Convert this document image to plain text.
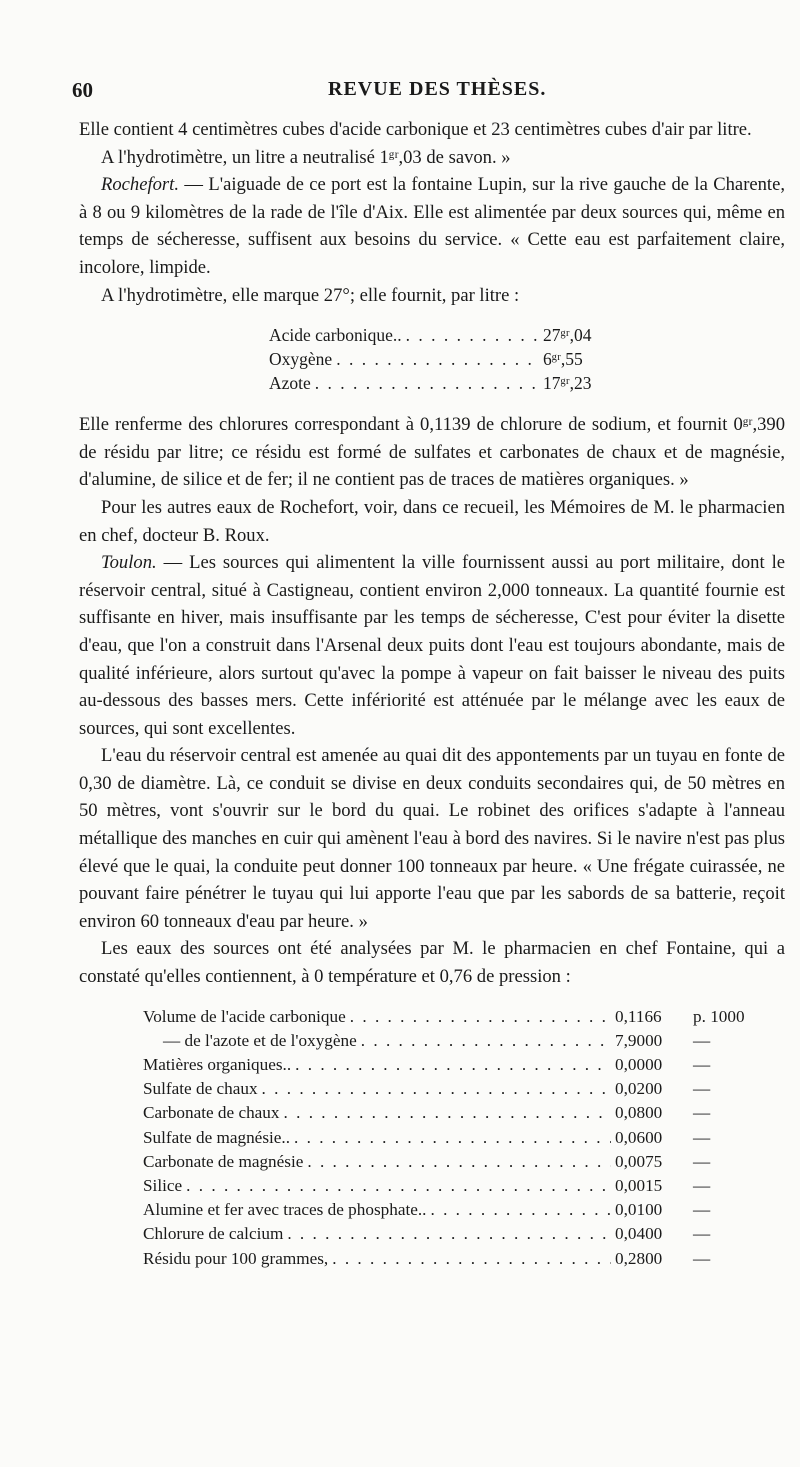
60	REVUE DES THÈSES.

Elle contient 4 centimètres cubes d'acide carbonique et 23 centimètres cubes d'air par litre.

A l'hydrotimètre, un litre a neutralisé 1ᵍʳ,03 de savon. »

Rochefort. — L'aiguade de ce port est la fontaine Lupin, sur la rive gauche de la Charente, à 8 ou 9 kilomètres de la rade de l'île d'Aix. Elle est alimentée par deux sources qui, même en temps de sécheresse, suffisent aux besoins du service. « Cette eau est parfaitement claire, incolore, limpide.

A l'hydrotimètre, elle marque 27°; elle fournit, par litre :

Acide carbonique.. . . .	27ᵍʳ,04
Oxygène . . .	6ᵍʳ,55
Azote . . .	17ᵍʳ,23

Elle renferme des chlorures correspondant à 0,1139 de chlorure de sodium, et fournit 0ᵍʳ,390 de résidu par litre; ce résidu est formé de sulfates et carbonates de chaux et de magnésie, d'alumine, de silice et de fer; il ne contient pas de traces de matières organiques. »

Pour les autres eaux de Rochefort, voir, dans ce recueil, les Mémoires de M. le pharmacien en chef, docteur B. Roux.

Toulon. — Les sources qui alimentent la ville fournissent aussi au port militaire, dont le réservoir central, situé à Castigneau, contient environ 2,000 tonneaux. La quantité fournie est suffisante en hiver, mais insuffisante par les temps de sécheresse, C'est pour éviter la disette d'eau, que l'on a construit dans l'Arsenal deux puits dont l'eau est toujours abondante, mais de qualité inférieure, alors surtout qu'avec la pompe à vapeur on fait baisser le niveau des puits au-dessous des basses mers. Cette infériorité est atténuée par le mélange avec les eaux de sources, qui sont excellentes.

L'eau du réservoir central est amenée au quai dit des appontements par un tuyau en fonte de 0,30 de diamètre. Là, ce conduit se divise en deux conduits secondaires qui, de 50 mètres en 50 mètres, vont s'ouvrir sur le bord du quai. Le robinet des orifices s'adapte à l'anneau métallique des manches en cuir qui amènent l'eau à bord des navires. Si le navire n'est pas plus élevé que le quai, la conduite peut donner 100 tonneaux par heure. « Une frégate cuirassée, ne pouvant faire pénétrer le tuyau qui lui apporte l'eau que par les sabords de sa batterie, reçoit environ 60 tonneaux d'eau par heure. »

Les eaux des sources ont été analysées par M. le pharmacien en chef Fontaine, qui a constaté qu'elles contiennent, à 0 température et 0,76 de pression :

Volume de l'acide carbonique . . .	0,1166	p. 1000
— de l'azote et de l'oxygène . . .	7,9000	—
Matières organiques.. . . .	0,0000	—
Sulfate de chaux . . .	0,0200	—
Carbonate de chaux . . .	0,0800	—
Sulfate de magnésie.. . . .	0,0600	—
Carbonate de magnésie . . .	0,0075	—
Silice . . .	0,0015	—
Alumine et fer avec traces de phosphate.. . . .	0,0100	—
Chlorure de calcium . . .	0,0400	—
Résidu pour 100 grammes, . . .	0,2800	—
